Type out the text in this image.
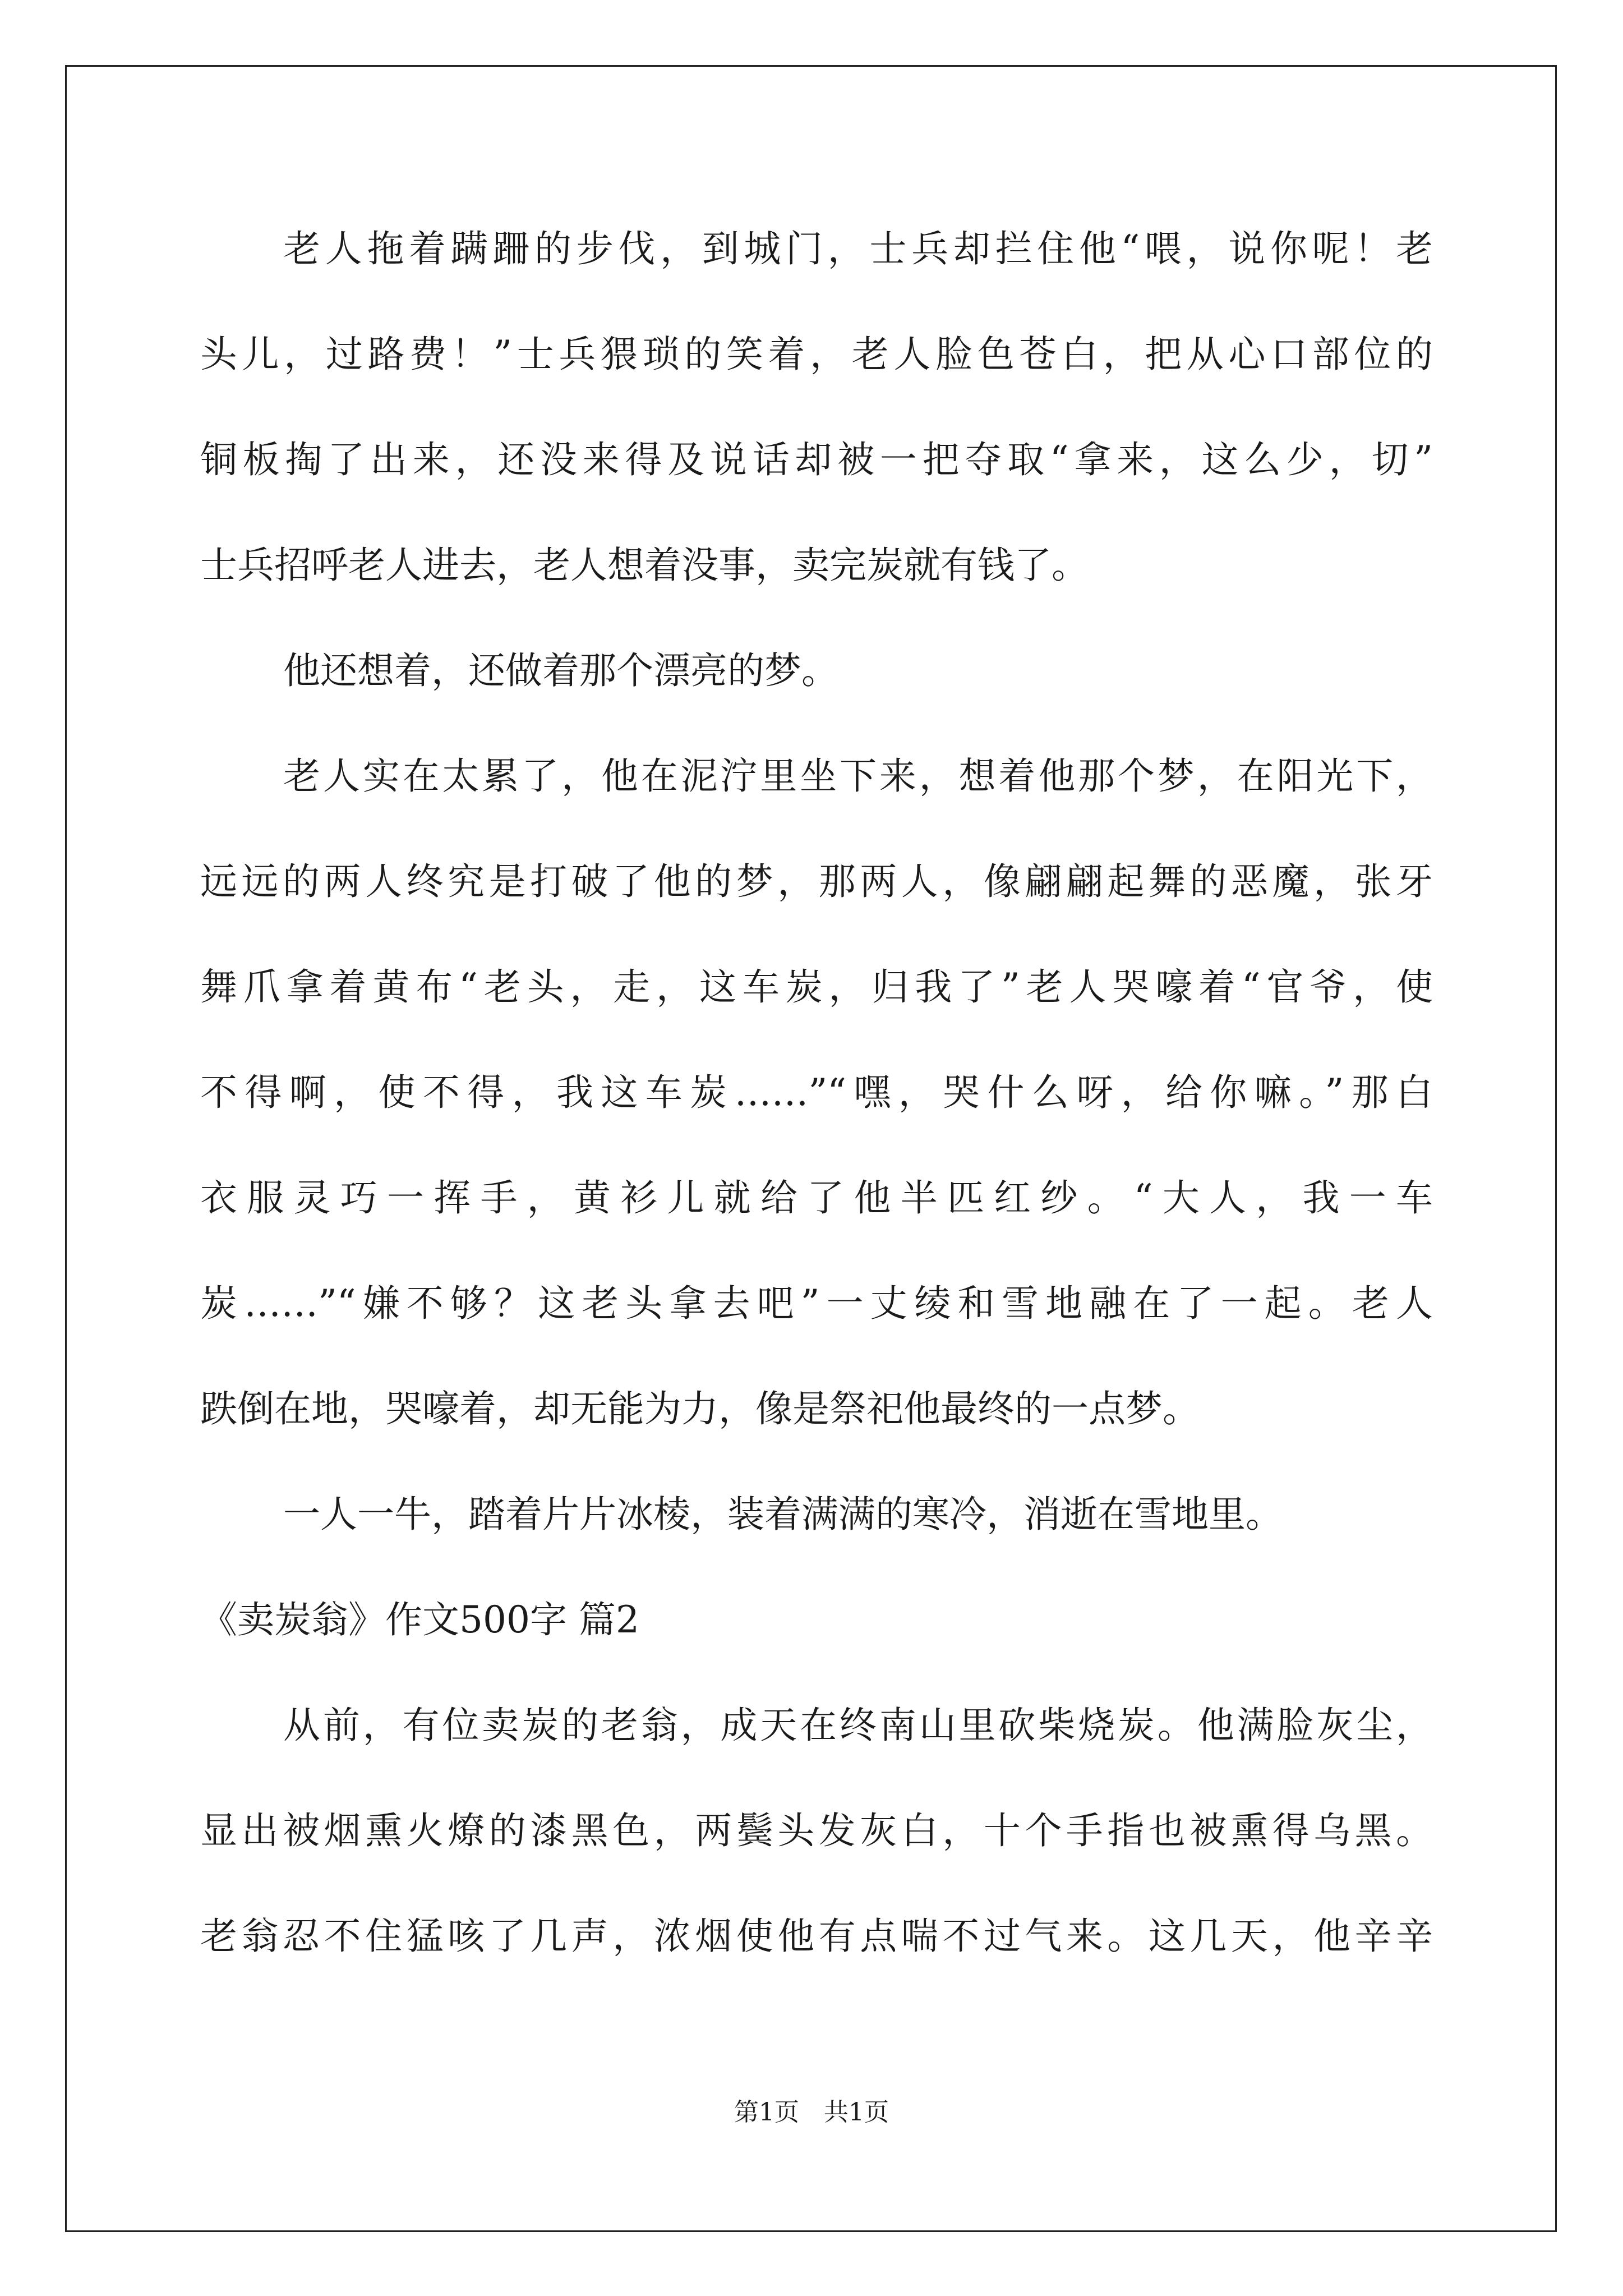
老人拖着蹒跚的步伐，到城门，士兵却拦住他“喂，说你呢！老
头儿，过路费！”士兵猥琐的笑着，老人脸色苍白，把从心口部位的
铜板掏了出来，还没来得及说话却被一把夺取“拿来，这么少，切”
士兵招呼老人进去，老人想着没事，卖完炭就有钱了。
他还想着，还做着那个漂亮的梦。
老人实在太累了，他在泥泞里坐下来，想着他那个梦，在阳光下，
远远的两人终究是打破了他的梦，那两人，像翩翩起舞的恶魔，张牙
舞爪拿着黄布“老头，走，这车炭，归我了”老人哭嚎着“官爷，使
不得啊，使不得，我这车炭……”“嘿，哭什么呀，给你嘛。”那白
衣服灵巧一挥手，黄衫儿就给了他半匹红纱。“大人，我一车
炭……”“嫌不够？这老头拿去吧”一丈绫和雪地融在了一起。老人
跌倒在地，哭嚎着，却无能为力，像是祭祀他最终的一点梦。
一人一牛，踏着片片冰棱，装着满满的寒冷，消逝在雪地里。
《卖炭翁》作文500字 篇2
从前，有位卖炭的老翁，成天在终南山里砍柴烧炭。他满脸灰尘，
显出被烟熏火燎的漆黑色，两鬓头发灰白，十个手指也被熏得乌黑。
老翁忍不住猛咳了几声，浓烟使他有点喘不过气来。这几天，他辛辛
第1页　共1页
